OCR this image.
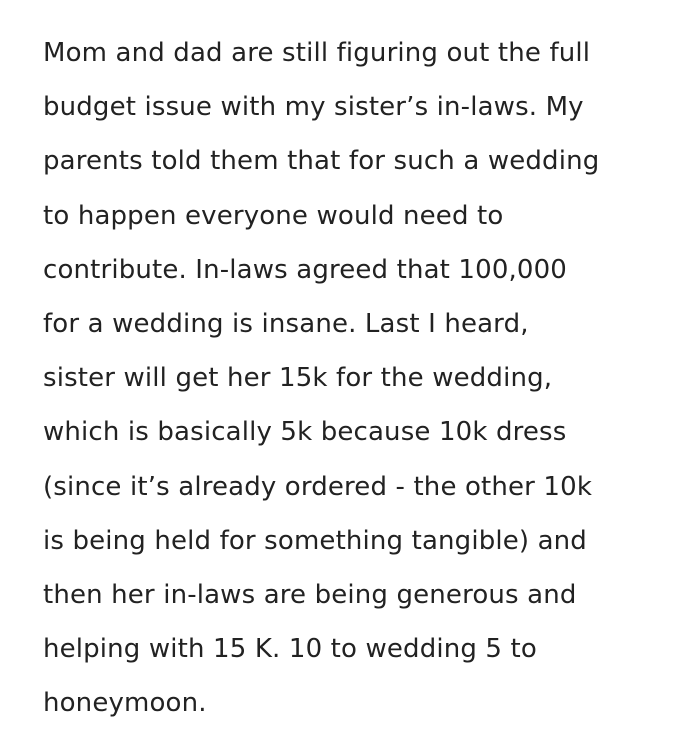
Mom and dad are still figuring out the full
budget issue with my sister’s in-laws. My
parents told them that for such a wedding
to happen everyone would need to
contribute. In-laws agreed that 100,000
for a wedding is insane. Last I heard,
sister will get her 15k for the wedding,
which is basically 5k because 10k dress
(since it’s already ordered - the other 10k
is being held for something tangible) and
then her in-laws are being generous and
helping with 15 K. 10 to wedding 5 to
honeymoon.
